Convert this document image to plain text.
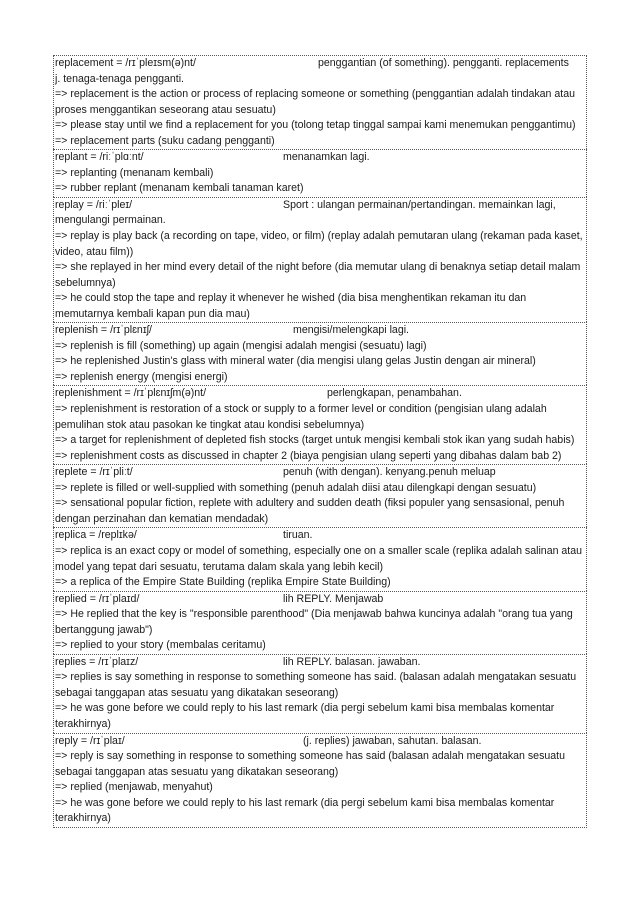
replacement = /rɪˈpleɪsm(ə)nt/	penggantian (of something). pengganti. replacements
j. tenaga-tenaga pengganti.
=> replacement is the action or process of replacing someone or something (penggantian adalah tindakan atau proses menggantikan seseorang atau sesuatu)
=> please stay until we find a replacement for you (tolong tetap tinggal sampai kami menemukan penggantimu)
=> replacement parts (suku cadang pengganti)
replant = /riːˈplɑːnt/	menanamkan lagi.
=> replanting (menanam kembali)
=> rubber replant (menanam kembali tanaman karet)
replay = /riːˈpleɪ/	Sport : ulangan permainan/pertandingan. memainkan lagi,
mengulangi permainan.
=> replay is play back (a recording on tape, video, or film) (replay adalah pemutaran ulang (rekaman pada kaset, video, atau film))
=> she replayed in her mind every detail of the night before (dia memutar ulang di benaknya setiap detail malam sebelumnya)
=> he could stop the tape and replay it whenever he wished (dia bisa menghentikan rekaman itu dan memutarnya kembali kapan pun dia mau)
replenish = /rɪˈplɛnɪʃ/	mengisi/melengkapi lagi.
=> replenish is fill (something) up again (mengisi adalah mengisi (sesuatu) lagi)
=> he replenished Justin's glass with mineral water (dia mengisi ulang gelas Justin dengan air mineral)
=> replenish energy (mengisi energi)
replenishment = /rɪˈplɛnɪʃm(ə)nt/	perlengkapan, penambahan.
=> replenishment is restoration of a stock or supply to a former level or condition (pengisian ulang adalah pemulihan stok atau pasokan ke tingkat atau kondisi sebelumnya)
=> a target for replenishment of depleted fish stocks (target untuk mengisi kembali stok ikan yang sudah habis)
=> replenishment costs as discussed in chapter 2 (biaya pengisian ulang seperti yang dibahas dalam bab 2)
replete = /rɪˈpliːt/	penuh (with dengan). kenyang.penuh meluap
=> replete is filled or well-supplied with something (penuh adalah diisi atau dilengkapi dengan sesuatu)
=> sensational popular fiction, replete with adultery and sudden death (fiksi populer yang sensasional, penuh dengan perzinahan dan kematian mendadak)
replica = /replɪkə/	tiruan.
=> replica is an exact copy or model of something, especially one on a smaller scale (replika adalah salinan atau model yang tepat dari sesuatu, terutama dalam skala yang lebih kecil)
=> a replica of the Empire State Building (replika Empire State Building)
replied = /rɪˈplaɪd/	lih REPLY. Menjawab
=> He replied that the key is "responsible parenthood" (Dia menjawab bahwa kuncinya adalah "orang tua yang bertanggung jawab")
=> replied to your story (membalas ceritamu)
replies = /rɪˈplaɪz/	lih REPLY. balasan. jawaban.
=> replies is say something in response to something someone has said. (balasan adalah mengatakan sesuatu sebagai tanggapan atas sesuatu yang dikatakan seseorang)
=> he was gone before we could reply to his last remark (dia pergi sebelum kami bisa membalas komentar terakhirnya)
reply = /rɪˈplaɪ/	(j. replies) jawaban, sahutan. balasan.
=> reply is say something in response to something someone has said (balasan adalah mengatakan sesuatu sebagai tanggapan atas sesuatu yang dikatakan seseorang)
=> replied (menjawab, menyahut)
=> he was gone before we could reply to his last remark (dia pergi sebelum kami bisa membalas komentar terakhirnya)
